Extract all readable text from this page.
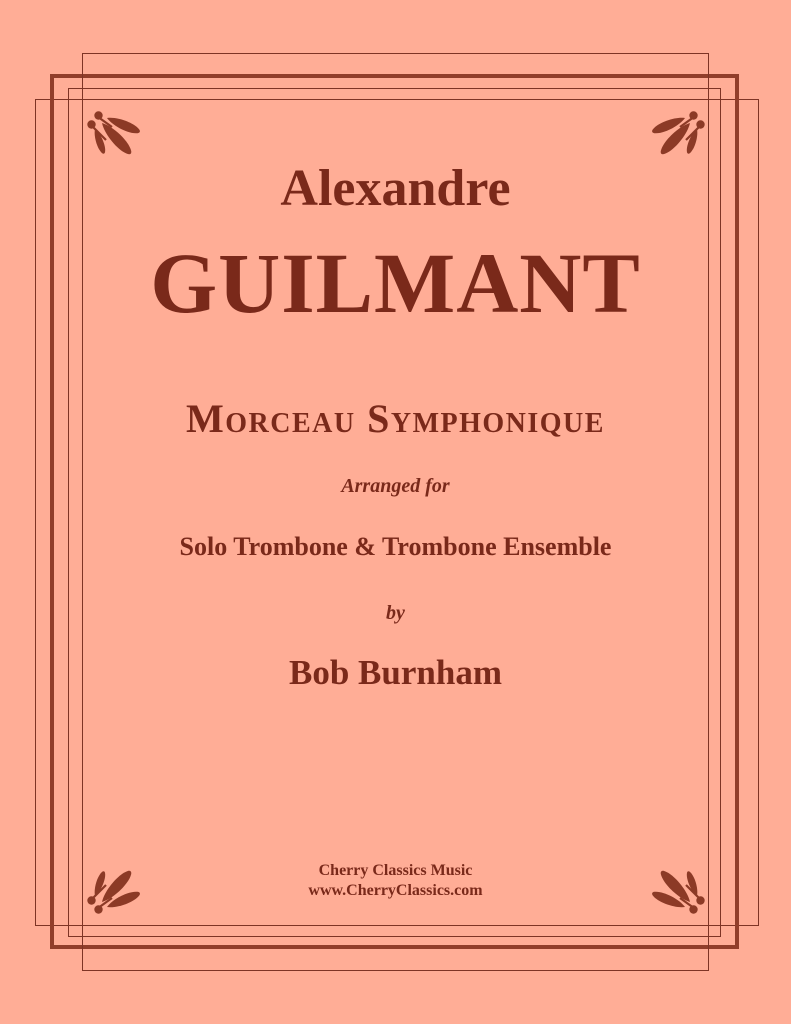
Alexandre
GUILMANT
Morceau Symphonique
Arranged for
Solo Trombone & Trombone Ensemble
by
Bob Burnham
Cherry Classics Music
www.CherryClassics.com
